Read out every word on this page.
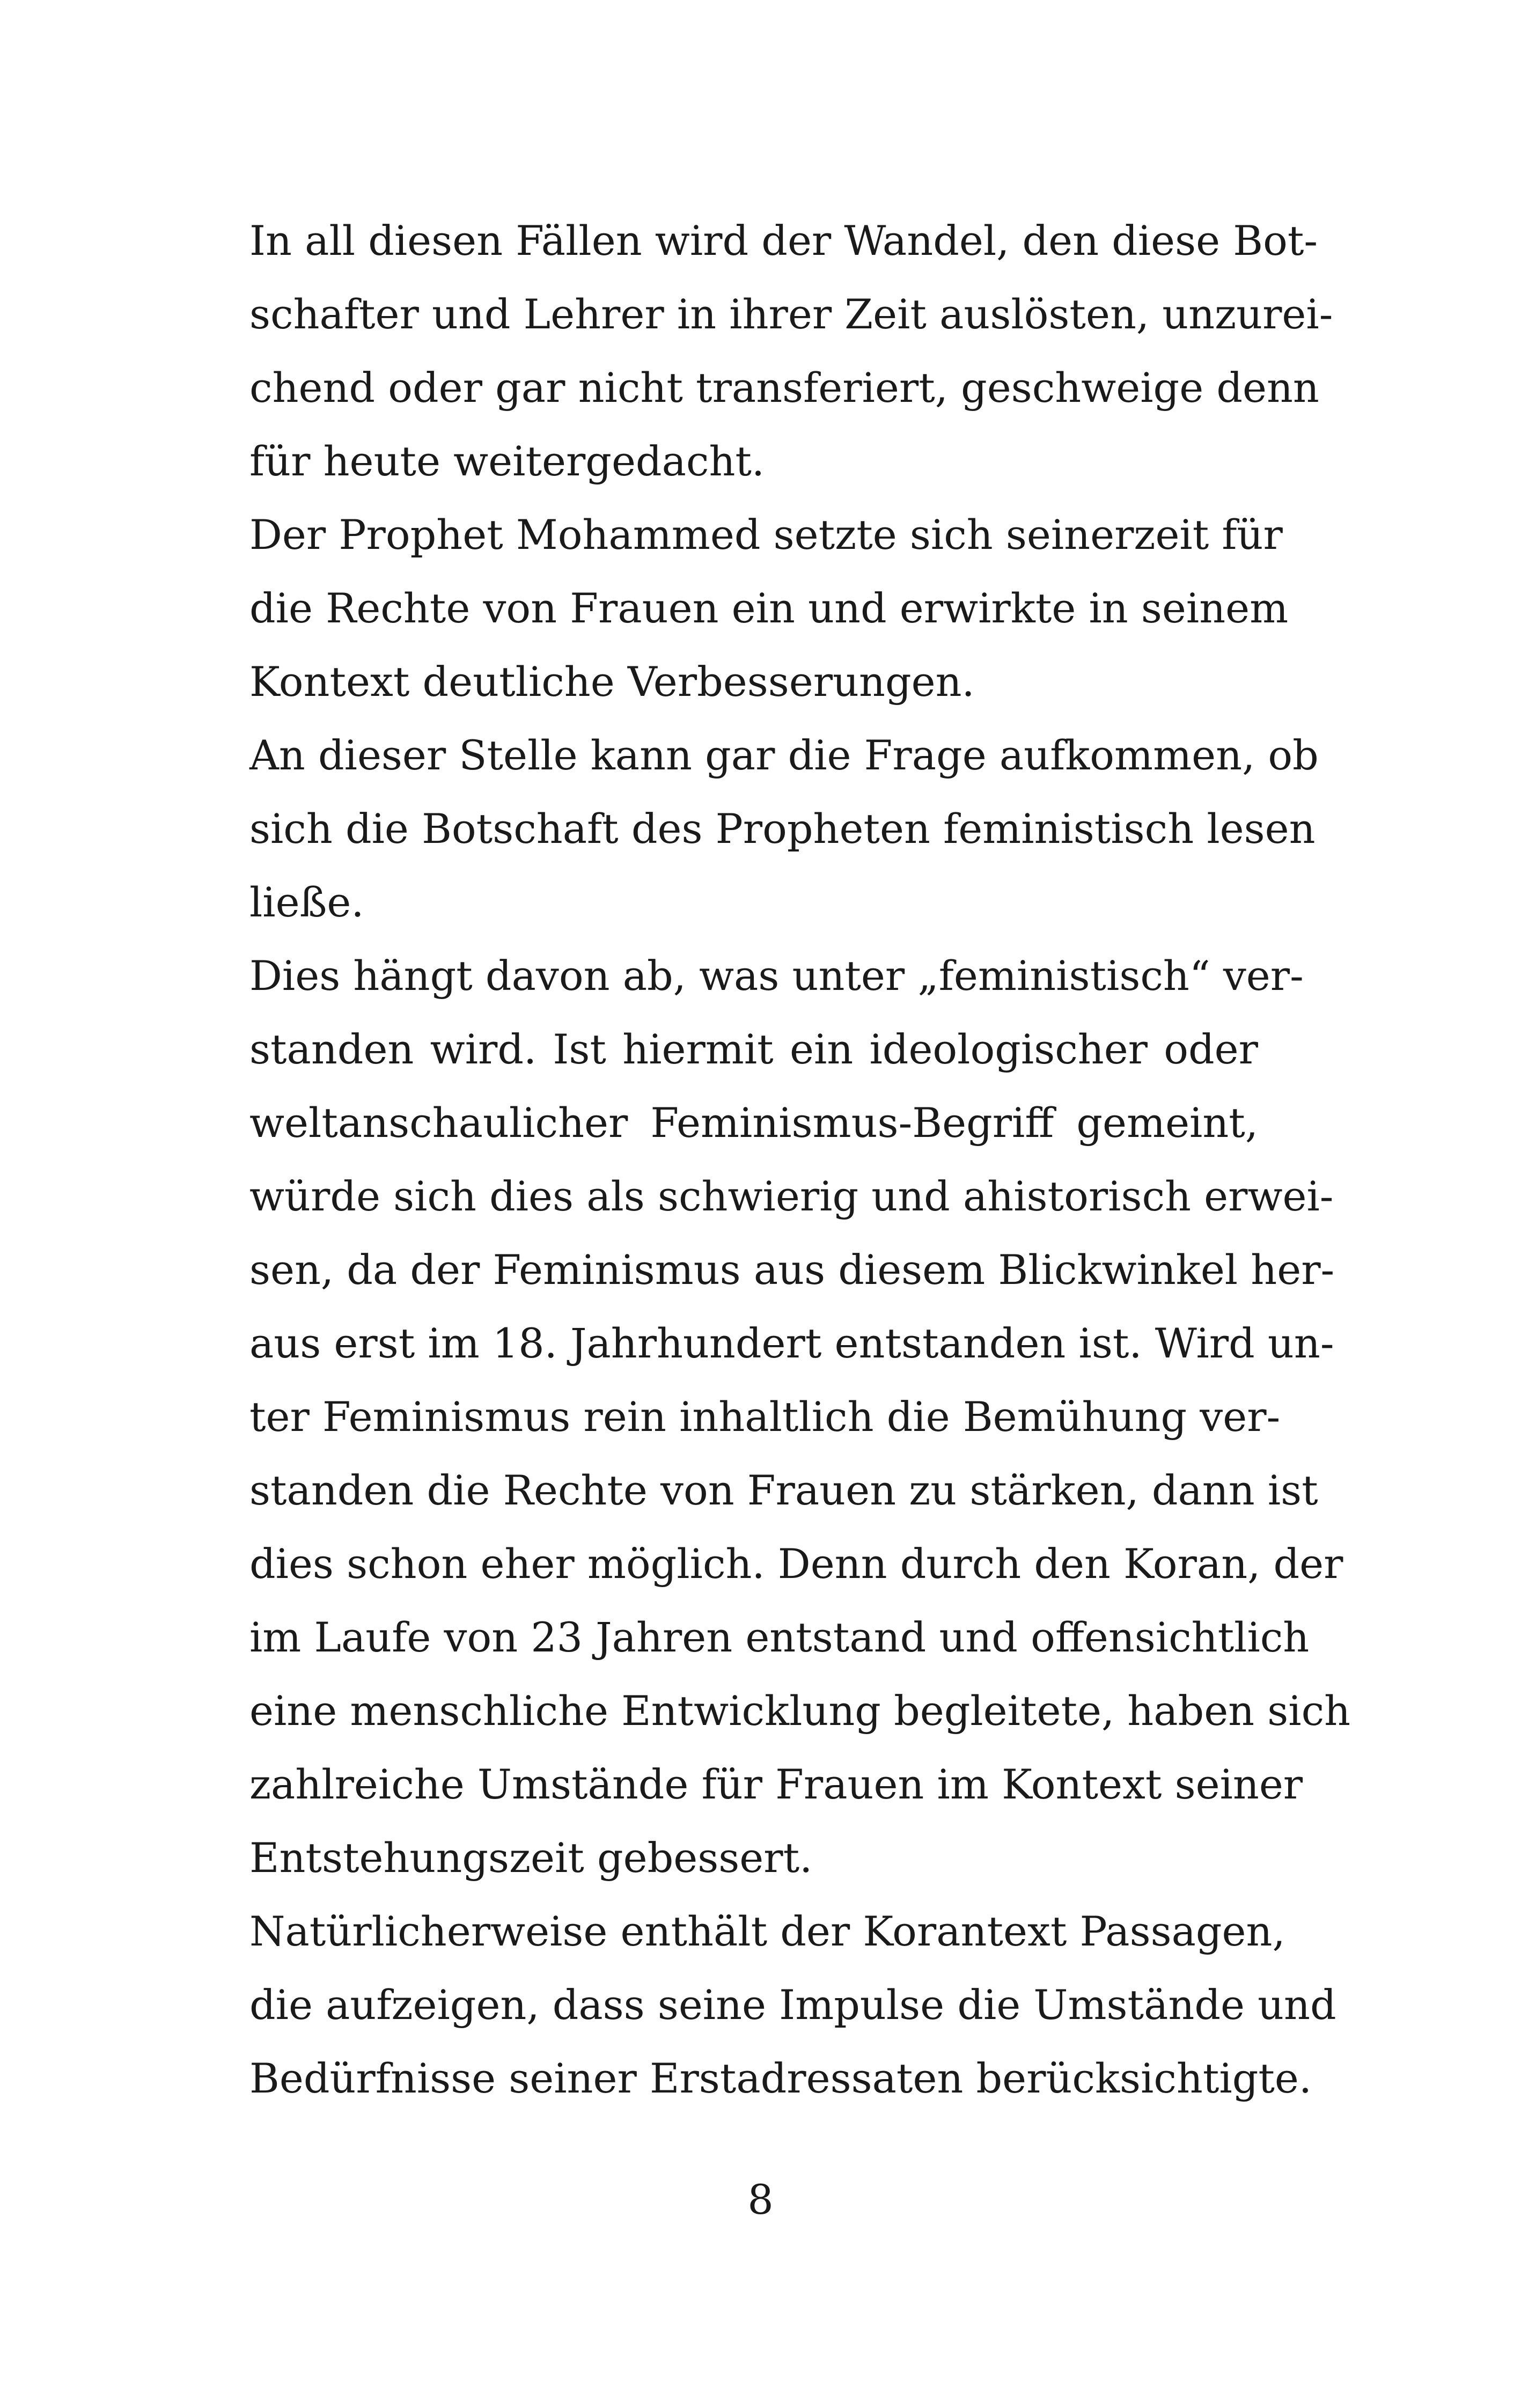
In all diesen Fällen wird der Wandel, den diese Bot-
schafter und Lehrer in ihrer Zeit auslösten, unzurei-
chend oder gar nicht transferiert, geschweige denn
für heute weitergedacht.
Der Prophet Mohammed setzte sich seinerzeit für
die Rechte von Frauen ein und erwirkte in seinem
Kontext deutliche Verbesserungen.
An dieser Stelle kann gar die Frage aufkommen, ob
sich die Botschaft des Propheten feministisch lesen
ließe.
Dies hängt davon ab, was unter „feministisch“ ver-
standen wird. Ist hiermit ein ideologischer oder
weltanschaulicher Feminismus-Begriff gemeint,
würde sich dies als schwierig und ahistorisch erwei-
sen, da der Feminismus aus diesem Blickwinkel her-
aus erst im 18. Jahrhundert entstanden ist. Wird un-
ter Feminismus rein inhaltlich die Bemühung ver-
standen die Rechte von Frauen zu stärken, dann ist
dies schon eher möglich. Denn durch den Koran, der
im Laufe von 23 Jahren entstand und offensichtlich
eine menschliche Entwicklung begleitete, haben sich
zahlreiche Umstände für Frauen im Kontext seiner
Entstehungszeit gebessert.
Natürlicherweise enthält der Korantext Passagen,
die aufzeigen, dass seine Impulse die Umstände und
Bedürfnisse seiner Erstadressaten berücksichtigte.
8
